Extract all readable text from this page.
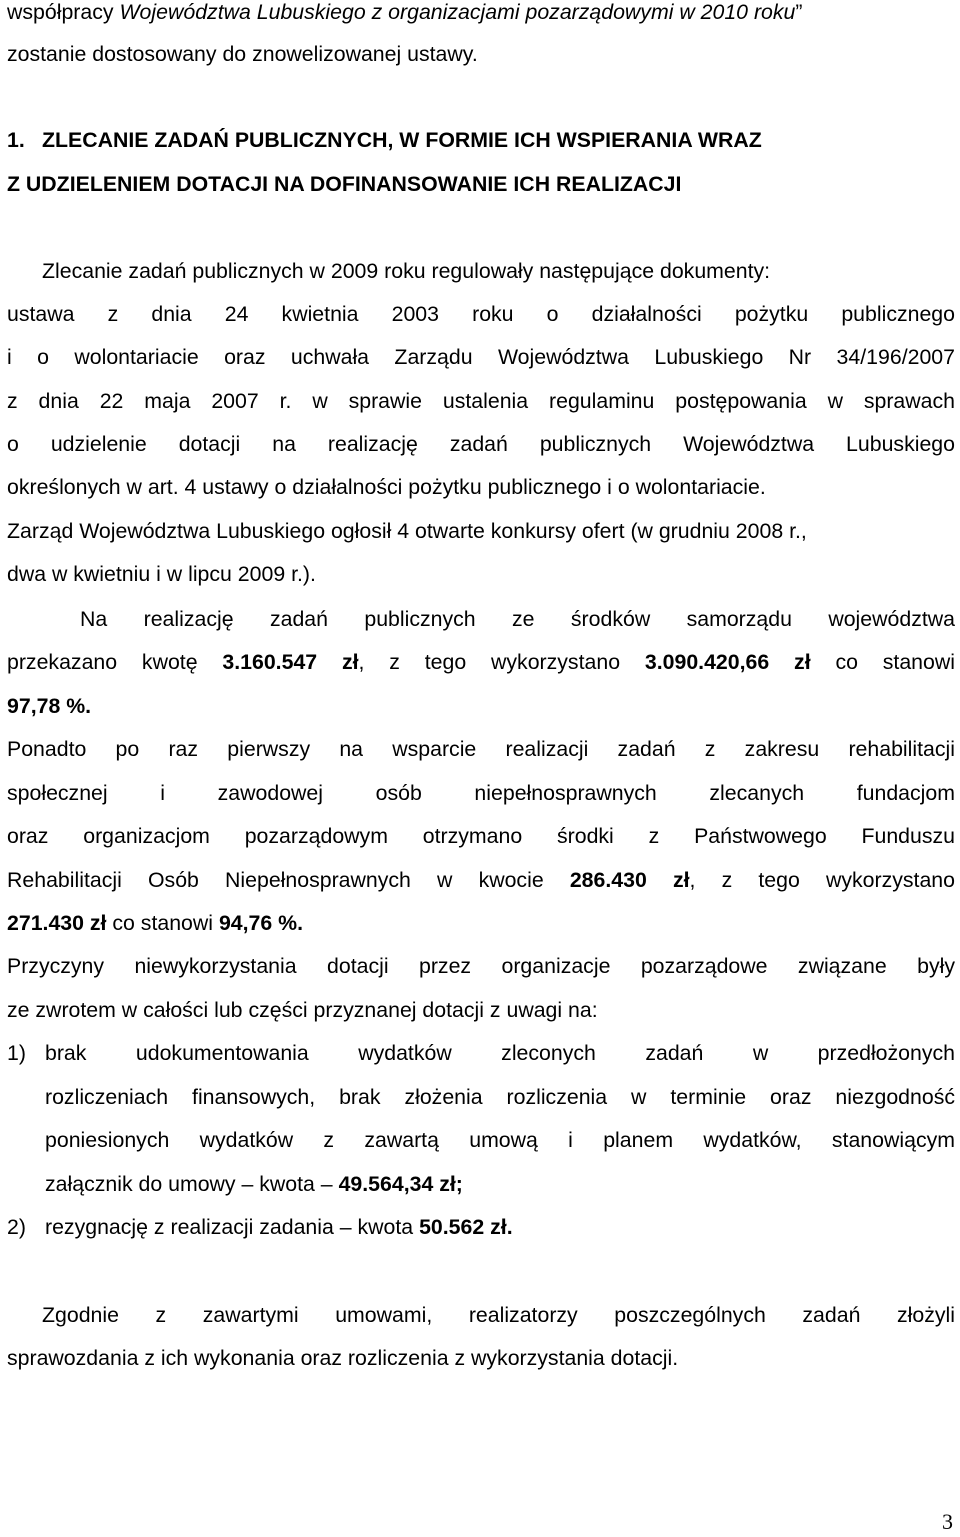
współpracy Województwa Lubuskiego z organizacjami pozarządowymi w 2010 roku”
zostanie dostosowany do znowelizowanej ustawy.
1. ZLECANIE ZADAŃ PUBLICZNYCH, W FORMIE ICH WSPIERANIA WRAZ
Z UDZIELENIEM DOTACJI NA DOFINANSOWANIE ICH REALIZACJI
Zlecanie zadań publicznych w 2009 roku regulowały następujące dokumenty:
ustawa z dnia 24 kwietnia 2003 roku o działalności pożytku publicznego
i o wolontariacie oraz uchwała Zarządu Województwa Lubuskiego Nr 34/196/2007
z dnia 22 maja 2007 r. w sprawie ustalenia regulaminu postępowania w sprawach
o udzielenie dotacji na realizację zadań publicznych Województwa Lubuskiego
określonych w art. 4 ustawy o działalności pożytku publicznego i o wolontariacie.
Zarząd Województwa Lubuskiego ogłosił 4 otwarte konkursy ofert (w grudniu 2008 r.,
dwa w kwietniu i w lipcu 2009 r.).
Na realizację zadań publicznych ze środków samorządu województwa
przekazano kwotę 3.160.547 zł, z tego wykorzystano 3.090.420,66 zł co stanowi
97,78 %.
Ponadto po raz pierwszy na wsparcie realizacji zadań z zakresu rehabilitacji
społecznej i zawodowej osób niepełnosprawnych zlecanych fundacjom
oraz organizacjom pozarządowym otrzymano środki z Państwowego Funduszu
Rehabilitacji Osób Niepełnosprawnych w kwocie 286.430 zł, z tego wykorzystano
271.430 zł co stanowi 94,76 %.
Przyczyny niewykorzystania dotacji przez organizacje pozarządowe związane były
ze zwrotem w całości lub części przyznanej dotacji z uwagi na:
1) brak udokumentowania wydatków zleconych zadań w przedłożonych
rozliczeniach finansowych, brak złożenia rozliczenia w terminie oraz niezgodność
poniesionych wydatków z zawartą umową i planem wydatków, stanowiącym
załącznik do umowy – kwota – 49.564,34 zł;
2) rezygnację z realizacji zadania – kwota 50.562 zł.
Zgodnie z zawartymi umowami, realizatorzy poszczególnych zadań złożyli
sprawozdania z ich wykonania oraz rozliczenia z wykorzystania dotacji.
3
